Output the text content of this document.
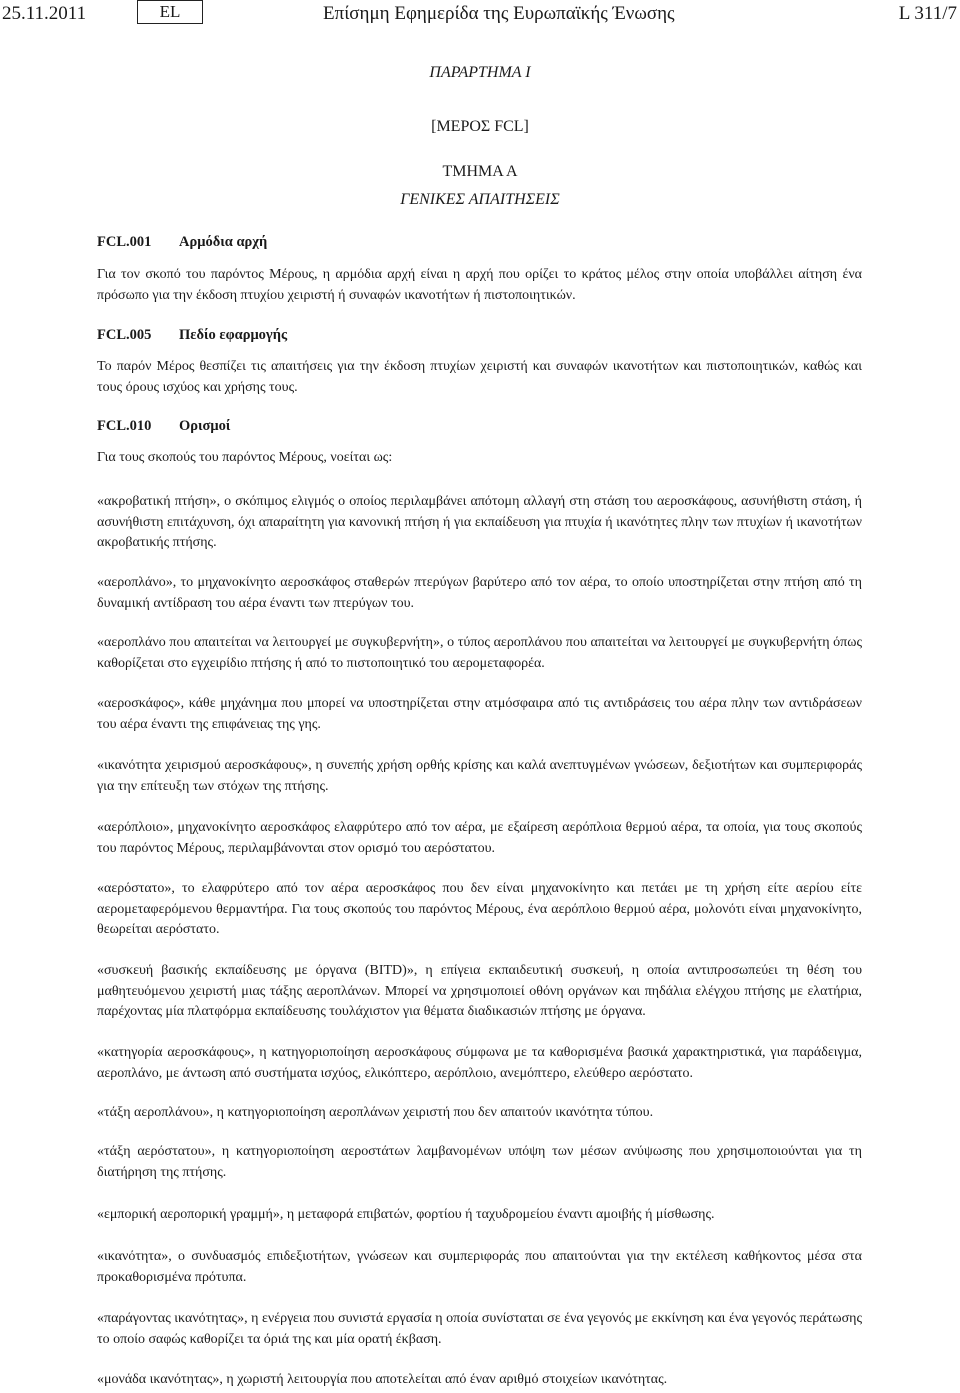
25.11.2011	EL	Επίσημη Εφημερίδα της Ευρωπαϊκής Ένωσης	L 311/7
ΠΑΡΑΡΤΗΜΑ I
[ΜΕΡΟΣ FCL]
ΤΜΗΜΑ Α
ΓΕΝΙΚΕΣ ΑΠΑΙΤΗΣΕΙΣ
FCL.001 Αρμόδια αρχή

Για τον σκοπό του παρόντος Μέρους, η αρμόδια αρχή είναι η αρχή που ορίζει το κράτος μέλος στην οποία υποβάλλει αίτηση ένα πρόσωπο για την έκδοση πτυχίου χειριστή ή συναφών ικανοτήτων ή πιστοποιητικών.

FCL.005 Πεδίο εφαρμογής

Το παρόν Μέρος θεσπίζει τις απαιτήσεις για την έκδοση πτυχίων χειριστή και συναφών ικανοτήτων και πιστοποιητικών, καθώς και τους όρους ισχύος και χρήσης τους.

FCL.010 Ορισμοί

Για τους σκοπούς του παρόντος Μέρους, νοείται ως:

«ακροβατική πτήση», ο σκόπιμος ελιγμός ο οποίος περιλαμβάνει απότομη αλλαγή στη στάση του αεροσκάφους, ασυνήθιστη στάση, ή ασυνήθιστη επιτάχυνση, όχι απαραίτητη για κανονική πτήση ή για εκπαίδευση για πτυχία ή ικανότητες πλην των πτυχίων ή ικανοτήτων ακροβατικής πτήσης.

«αεροπλάνο», το μηχανοκίνητο αεροσκάφος σταθερών πτερύγων βαρύτερο από τον αέρα, το οποίο υποστηρίζεται στην πτήση από τη δυναμική αντίδραση του αέρα έναντι των πτερύγων του.

«αεροπλάνο που απαιτείται να λειτουργεί με συγκυβερνήτη», ο τύπος αεροπλάνου που απαιτείται να λειτουργεί με συγκυβερνήτη όπως καθορίζεται στο εγχειρίδιο πτήσης ή από το πιστοποιητικό του αερομεταφορέα.

«αεροσκάφος», κάθε μηχάνημα που μπορεί να υποστηρίζεται στην ατμόσφαιρα από τις αντιδράσεις του αέρα πλην των αντιδράσεων του αέρα έναντι της επιφάνειας της γης.

«ικανότητα χειρισμού αεροσκάφους», η συνεπής χρήση ορθής κρίσης και καλά ανεπτυγμένων γνώσεων, δεξιοτήτων και συμπεριφοράς για την επίτευξη των στόχων της πτήσης.

«αερόπλοιο», μηχανοκίνητο αεροσκάφος ελαφρύτερο από τον αέρα, με εξαίρεση αερόπλοια θερμού αέρα, τα οποία, για τους σκοπούς του παρόντος Μέρους, περιλαμβάνονται στον ορισμό του αερόστατου.

«αερόστατο», το ελαφρύτερο από τον αέρα αεροσκάφος που δεν είναι μηχανοκίνητο και πετάει με τη χρήση είτε αερίου είτε αερομεταφερόμενου θερμαντήρα. Για τους σκοπούς του παρόντος Μέρους, ένα αερόπλοιο θερμού αέρα, μολονότι είναι μηχανοκίνητο, θεωρείται αερόστατο.

«συσκευή βασικής εκπαίδευσης με όργανα (BITD)», η επίγεια εκπαιδευτική συσκευή, η οποία αντιπροσωπεύει τη θέση του μαθητευόμενου χειριστή μιας τάξης αεροπλάνων. Μπορεί να χρησιμοποιεί οθόνη οργάνων και πηδάλια ελέγχου πτήσης με ελατήρια, παρέχοντας μία πλατφόρμα εκπαίδευσης τουλάχιστον για θέματα διαδικασιών πτήσης με όργανα.

«κατηγορία αεροσκάφους», η κατηγοριοποίηση αεροσκάφους σύμφωνα με τα καθορισμένα βασικά χαρακτηριστικά, για παράδειγμα, αεροπλάνο, με άντωση από συστήματα ισχύος, ελικόπτερο, αερόπλοιο, ανεμόπτερο, ελεύθερο αερόστατο.

«τάξη αεροπλάνου», η κατηγοριοποίηση αεροπλάνων χειριστή που δεν απαιτούν ικανότητα τύπου.

«τάξη αερόστατου», η κατηγοριοποίηση αεροστάτων λαμβανομένων υπόψη των μέσων ανύψωσης που χρησιμοποιούνται για τη διατήρηση της πτήσης.

«εμπορική αεροπορική γραμμή», η μεταφορά επιβατών, φορτίου ή ταχυδρομείου έναντι αμοιβής ή μίσθωσης.

«ικανότητα», ο συνδυασμός επιδεξιοτήτων, γνώσεων και συμπεριφοράς που απαιτούνται για την εκτέλεση καθήκοντος μέσα στα προκαθορισμένα πρότυπα.

«παράγοντας ικανότητας», η ενέργεια που συνιστά εργασία η οποία συνίσταται σε ένα γεγονός με εκκίνηση και ένα γεγονός περάτωσης το οποίο σαφώς καθορίζει τα όριά της και μία ορατή έκβαση.

«μονάδα ικανότητας», η χωριστή λειτουργία που αποτελείται από έναν αριθμό στοιχείων ικανότητας.
